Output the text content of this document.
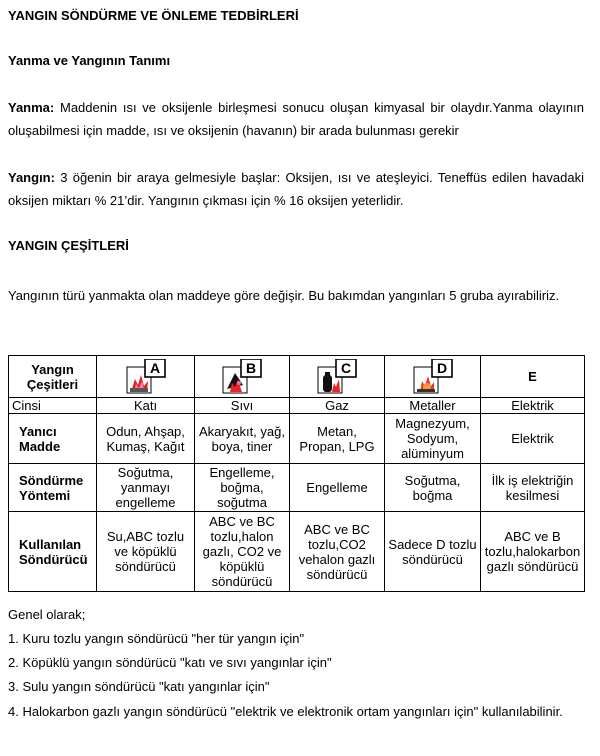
YANGIN SÖNDÜRME VE ÖNLEME TEDBİRLERİ
Yanma ve Yangının Tanımı
Yanma: Maddenin ısı ve oksijenle birleşmesi sonucu oluşan kimyasal bir olaydır.Yanma olayının oluşabilmesi için madde, ısı ve oksijenin (havanın) bir arada bulunması gerekir
Yangın: 3 öğenin bir araya gelmesiyle başlar: Oksijen, ısı ve ateşleyici. Teneffüs edilen havadaki oksijen miktarı % 21’dir. Yangının çıkması için % 16 oksijen yeterlidir.
YANGIN ÇEŞİTLERİ
Yangının türü yanmakta olan maddeye göre değişir. Bu bakımdan yangınları 5 gruba ayırabiliriz.
Yangın Çeşitleri	A	B	C	D	E
Cinsi	Katı	Sıvı	Gaz	Metaller	Elektrik
Yanıcı Madde	Odun, Ahşap, Kumaş, Kağıt	Akaryakıt, yağ, boya, tiner	Metan, Propan, LPG	Magnezyum, Sodyum, alüminyum	Elektrik
Söndürme Yöntemi	Soğutma, yanmayı engelleme	Engelleme, boğma, soğutma	Engelleme	Soğutma, boğma	İlk iş elektriğin kesilmesi
Kullanılan Söndürücü	Su,ABC tozlu ve köpüklü söndürücü	ABC ve BC tozlu,halon gazlı, CO2 ve köpüklü söndürücü	ABC ve BC tozlu,CO2 vehalon gazlı söndürücü	Sadece D tozlu söndürücü	ABC ve B tozlu,halokarbon gazlı söndürücü
Genel olarak;
1. Kuru tozlu yangın söndürücü "her tür yangın için"
2. Köpüklü yangın söndürücü "katı ve sıvı yangınlar için"
3. Sulu yangın söndürücü "katı yangınlar için"
4. Halokarbon gazlı yangın söndürücü "elektrik ve elektronik ortam yangınları için" kullanılabilinir.
